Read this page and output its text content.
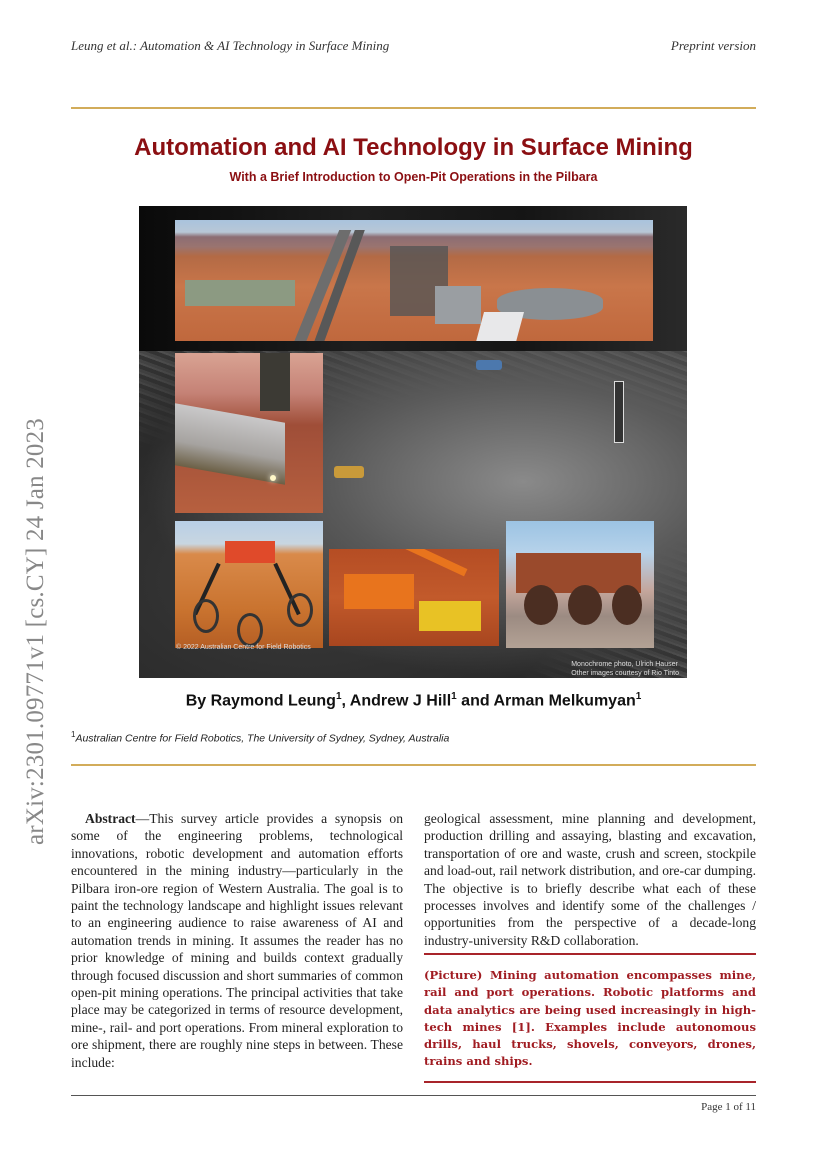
Leung et al.: Automation & AI Technology in Surface Mining	Preprint version
Automation and AI Technology in Surface Mining
With a Brief Introduction to Open-Pit Operations in the Pilbara
arXiv:2301.09771v1 [cs.CY] 24 Jan 2023	© 2022 Australian Centre for Field Robotics
Monochrome photo, Ulrich Hauser
Other images courtesy of Rio Tinto
By Raymond Leung$^1$, Andrew J Hill$^1$ and Arman Melkumyan$^1$
$^1$Australian Centre for Field Robotics, The University of Sydney, Sydney, Australia
Abstract—This survey article provides a synopsis on some of the engineering problems, technological innovations, robotic development and automation efforts encountered in the mining industry—particularly in the Pilbara iron-ore region of Western Australia. The goal is to paint the technology landscape and highlight issues relevant to an engineering audience to raise awareness of AI and automation trends in mining. It assumes the reader has no prior knowledge of mining and builds context gradually through focused discussion and short summaries of common open-pit mining operations. The principal activities that take place may be categorized in terms of resource development, mine-, rail- and port operations. From mineral exploration to ore shipment, there are roughly nine steps in between. These include:
geological assessment, mine planning and development, production drilling and assaying, blasting and excavation, transportation of ore and waste, crush and screen, stockpile and load-out, rail network distribution, and ore-car dumping. The objective is to briefly describe what each of these processes involves and identify some of the challenges / opportunities from the perspective of a decade-long industry-university R&D collaboration.
(Picture) Mining automation encompasses mine, rail and port operations. Robotic platforms and data analytics are being used increasingly in high-tech mines [1]. Examples include autonomous drills, haul trucks, shovels, conveyors, drones, trains and ships.
Page 1 of 11
